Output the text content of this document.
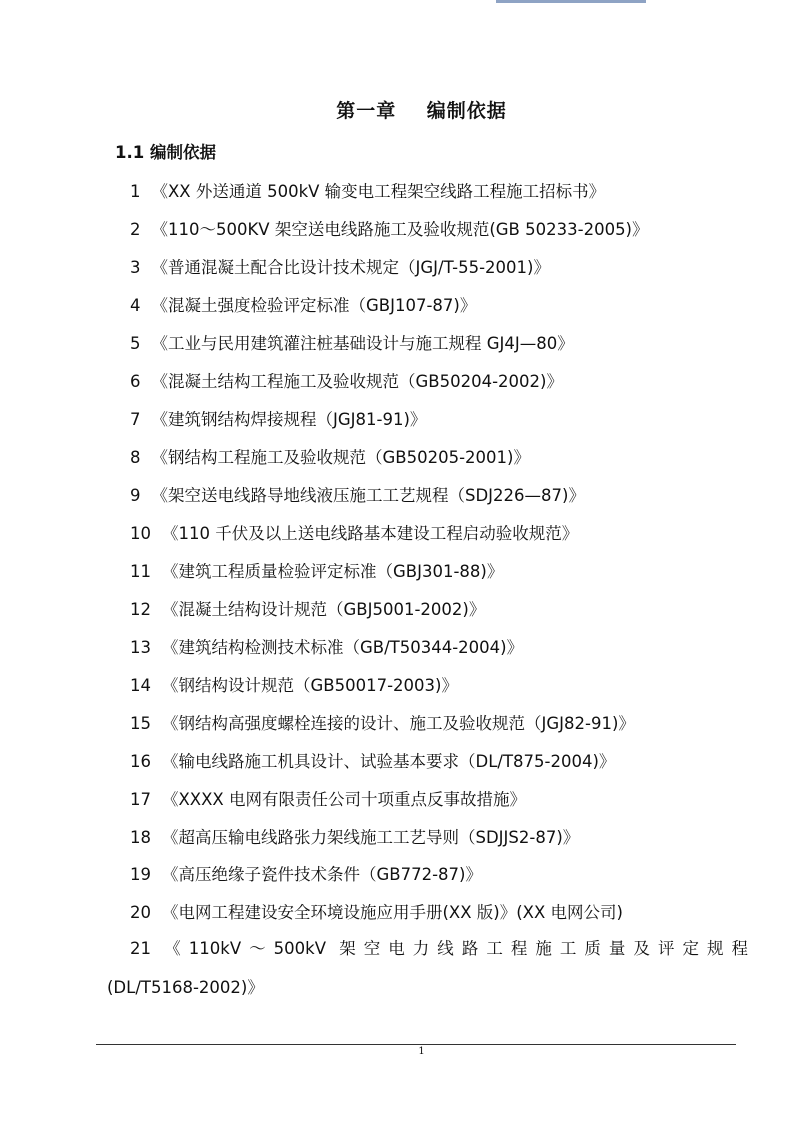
第一章    编制依据
1.1 编制依据
1 《XX 外送通道 500kV 输变电工程架空线路工程施工招标书》
2 《110～500KV 架空送电线路施工及验收规范(GB 50233-2005)》
3 《普通混凝土配合比设计技术规定（JGJ/T-55-2001)》
4 《混凝土强度检验评定标准（GBJ107-87)》
5 《工业与民用建筑灌注桩基础设计与施工规程 GJ4J—80》
6 《混凝土结构工程施工及验收规范（GB50204-2002)》
7 《建筑钢结构焊接规程（JGJ81-91)》
8 《钢结构工程施工及验收规范（GB50205-2001)》
9 《架空送电线路导地线液压施工工艺规程（SDJ226—87)》
10 《110 千伏及以上送电线路基本建设工程启动验收规范》
11 《建筑工程质量检验评定标准（GBJ301-88)》
12 《混凝土结构设计规范（GBJ5001-2002)》
13 《建筑结构检测技术标准（GB/T50344-2004)》
14 《钢结构设计规范（GB50017-2003)》
15 《钢结构高强度螺栓连接的设计、施工及验收规范（JGJ82-91)》
16 《输电线路施工机具设计、试验基本要求（DL/T875-2004)》
17 《XXXX 电网有限责任公司十项重点反事故措施》
18 《超高压输电线路张力架线施工工艺导则（SDJJS2-87)》
19 《高压绝缘子瓷件技术条件（GB772-87)》
20 《电网工程建设安全环境设施应用手册(XX 版)》(XX 电网公司)
21 《110kV～500kV 架空电力线路工程施工质量及评定规程
(DL/T5168-2002)》
1
